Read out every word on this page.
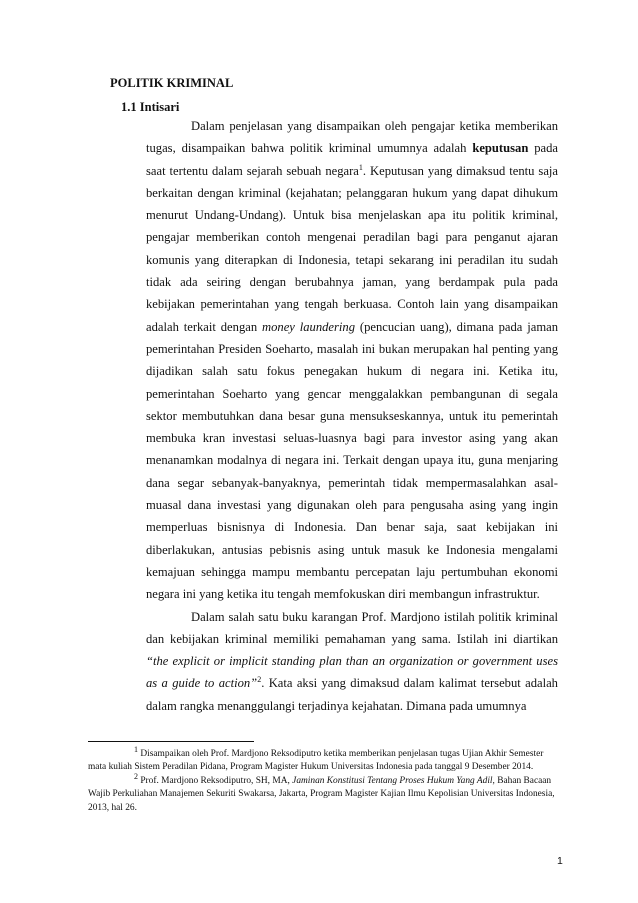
POLITIK KRIMINAL
1.1 Intisari

Dalam penjelasan yang disampaikan oleh pengajar ketika memberikan tugas, disampaikan bahwa politik kriminal umumnya adalah keputusan pada saat tertentu dalam sejarah sebuah negara$^1$. Keputusan yang dimaksud tentu saja berkaitan dengan kriminal (kejahatan; pelanggaran hukum yang dapat dihukum menurut Undang-Undang). Untuk bisa menjelaskan apa itu politik kriminal, pengajar memberikan contoh mengenai peradilan bagi para penganut ajaran komunis yang diterapkan di Indonesia, tetapi sekarang ini peradilan itu sudah tidak ada seiring dengan berubahnya jaman, yang berdampak pula pada kebijakan pemerintahan yang tengah berkuasa. Contoh lain yang disampaikan adalah terkait dengan money laundering (pencucian uang), dimana pada jaman pemerintahan Presiden Soeharto, masalah ini bukan merupakan hal penting yang dijadikan salah satu fokus penegakan hukum di negara ini. Ketika itu, pemerintahan Soeharto yang gencar menggalakkan pembangunan di segala sektor membutuhkan dana besar guna mensukseskannya, untuk itu pemerintah membuka kran investasi seluas-luasnya bagi para investor asing yang akan menanamkan modalnya di negara ini. Terkait dengan upaya itu, guna menjaring dana segar sebanyak-banyaknya, pemerintah tidak mempermasalahkan asal-muasal dana investasi yang digunakan oleh para pengusaha asing yang ingin memperluas bisnisnya di Indonesia. Dan benar saja, saat kebijakan ini diberlakukan, antusias pebisnis asing untuk masuk ke Indonesia mengalami kemajuan sehingga mampu membantu percepatan laju pertumbuhan ekonomi negara ini yang ketika itu tengah memfokuskan diri membangun infrastruktur.

Dalam salah satu buku karangan Prof. Mardjono istilah politik kriminal dan kebijakan kriminal memiliki pemahaman yang sama. Istilah ini diartikan “the explicit or implicit standing plan than an organization or government uses as a guide to action”$^2$. Kata aksi yang dimaksud dalam kalimat tersebut adalah dalam rangka menanggulangi terjadinya kejahatan. Dimana pada umumnya

$^1$ Disampaikan oleh Prof. Mardjono Reksodiputro ketika memberikan penjelasan tugas Ujian Akhir Semester mata kuliah Sistem Peradilan Pidana, Program Magister Hukum Universitas Indonesia pada tanggal 9 Desember 2014.

$^2$ Prof. Mardjono Reksodiputro, SH, MA, Jaminan Konstitusi Tentang Proses Hukum Yang Adil, Bahan Bacaan Wajib Perkuliahan Manajemen Sekuriti Swakarsa, Jakarta, Program Magister Kajian Ilmu Kepolisian Universitas Indonesia, 2013, hal 26.

1
